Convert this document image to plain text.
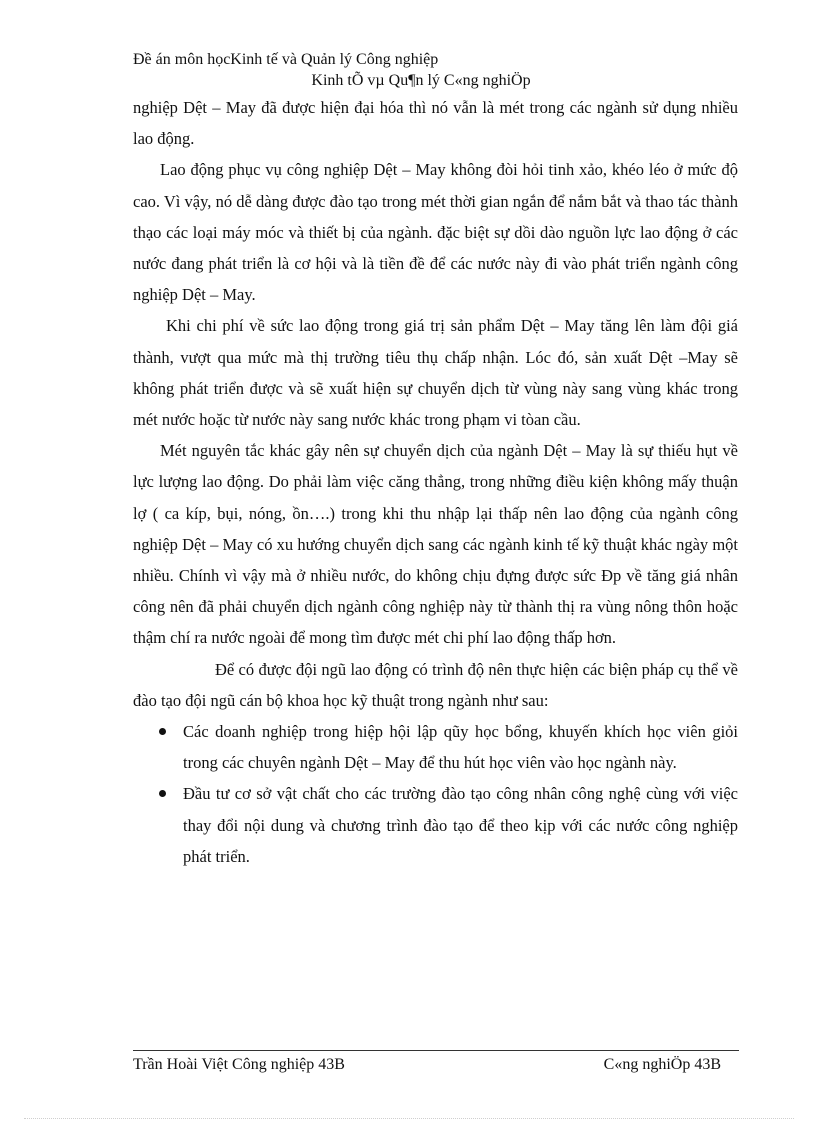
Đề án môn họcKinh tế và Quản lý Công nghiệp
Kinh tÕ vµ Qu¶n lý C«ng nghiÖp

nghiệp Dệt – May đã được hiện đại hóa thì nó vẫn là mét trong các ngành sử dụng nhiều lao động.

Lao động phục vụ công nghiệp Dệt – May không đòi hỏi tinh xảo, khéo léo ở mức độ cao. Vì vậy, nó dễ dàng được đào tạo trong mét thời gian ngắn để nắm bắt và thao tác thành thạo các loại máy móc và thiết bị của ngành. đặc biệt sự dồi dào nguồn lực lao động ở các nước đang phát triển là cơ hội và là tiền đề để các nước này đi vào phát triển ngành công nghiệp Dệt – May.

Khi chi phí về sức lao động trong giá trị sản phẩm Dệt – May tăng lên làm đội giá thành, vượt qua mức mà thị trường tiêu thụ chấp nhận. Lóc đó, sản xuất Dệt –May sẽ không phát triển được và sẽ xuất hiện sự chuyển dịch từ vùng này sang vùng khác trong mét nước hoặc từ nước này sang nước khác trong phạm vi tòan cầu.

Mét nguyên tắc khác gây nên sự chuyển dịch của ngành Dệt – May là sự thiếu hụt về lực lượng lao động. Do phải làm việc căng thẳng, trong những điều kiện không mấy thuận lợ ( ca kíp, bụi, nóng, ồn….) trong khi thu nhập lại thấp nên lao động của ngành công nghiệp Dệt – May có xu hướng chuyển dịch sang các ngành kinh tế kỹ thuật khác ngày một nhiều. Chính vì vậy mà ở nhiều nước, do không chịu đựng được sức Ðp về tăng giá nhân công nên đã phải chuyển dịch ngành công nghiệp này từ thành thị ra vùng nông thôn hoặc thậm chí ra nước ngoài để mong tìm được mét chi phí lao động thấp hơn.

Để có được đội ngũ lao động có trình độ nên thực hiện các biện pháp cụ thể về đào tạo đội ngũ cán bộ khoa học kỹ thuật trong ngành như sau:

Các doanh nghiệp trong hiệp hội lập qũy học bổng, khuyến khích học viên giỏi trong các chuyên ngành Dệt – May để thu hút học viên vào học ngành này.
Đầu tư cơ sở vật chất cho các trường đào tạo công nhân công nghệ cùng với việc thay đổi nội dung và chương trình đào tạo để theo kịp với các nước công nghiệp phát triển.
Trần Hoài Việt Công nghiệp 43B	C«ng nghiÖp 43B
